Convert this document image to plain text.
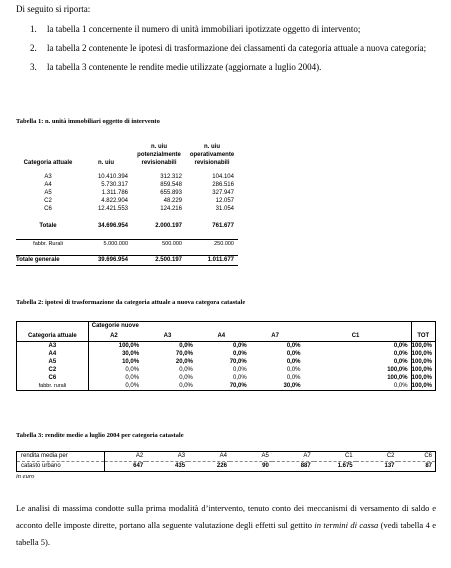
Di seguito si riporta:
1. la tabella 1 concernente il numero di unità immobiliari ipotizzate oggetto di intervento;
2. la tabella 2 contenente le ipotesi di trasformazione dei classamenti da categoria attuale a nuova categoria;
3. la tabella 3 contenente le rendite medie utilizzate (aggiornate a luglio 2004).
Tabella 1: n. unità immobiliari oggetto di intervento
Categoria attuale	n. uiu	n. uiu potenzialmente revisionabili	n. uiu operativamente revisionabili

A3	10.410.394	312.312	104.104
A4	5.730.317	859.548	286.516
A5	1.311.786	655.893	327.947
C2	4.822.904	48.229	12.057
C6	12.421.553	124.216	31.054

Totale	34.696.954	2.000.197	761.677

fabbr. Rurali	5.000.000	500.000	250.000

Totale generale	39.696.954	2.500.197	1.011.677
Tabella 2: ipotesi di trasformazione da categoria attuale a nuova categora catastale
	Categorie nuove					
Categoria attuale	A2	A3	A4	A7	C1	TOT
A3	100,0%	0,0%	0,0%	0,0%	0,0%	100,0%
A4	30,0%	70,0%	0,0%	0,0%	0,0%	100,0%
A5	10,0%	20,0%	70,0%	0,0%	0,0%	100,0%
C2	0,0%	0,0%	0,0%	0,0%	100,0%	100,0%
C6	0,0%	0,0%	0,0%	0,0%	100,0%	100,0%
fabbr. rurali	0,0%	0,0%	70,0%	30,0%	0,0%	100,0%
Tabella 3: rendite medie a luglio 2004 per categoria catastale
rendita media per	A2	A3	A4	A5	A7	C1	C2	C6
catasto urbano	647	435	226	90	887	1.675	137	87
in euro
Le analisi di massima condotte sulla prima modalità d’intervento, tenuto conto dei meccanismi di versamento di saldo e acconto delle imposte dirette, portano alla seguente valutazione degli effetti sul gettito in termini di cassa (vedi tabella 4 e tabella 5).
